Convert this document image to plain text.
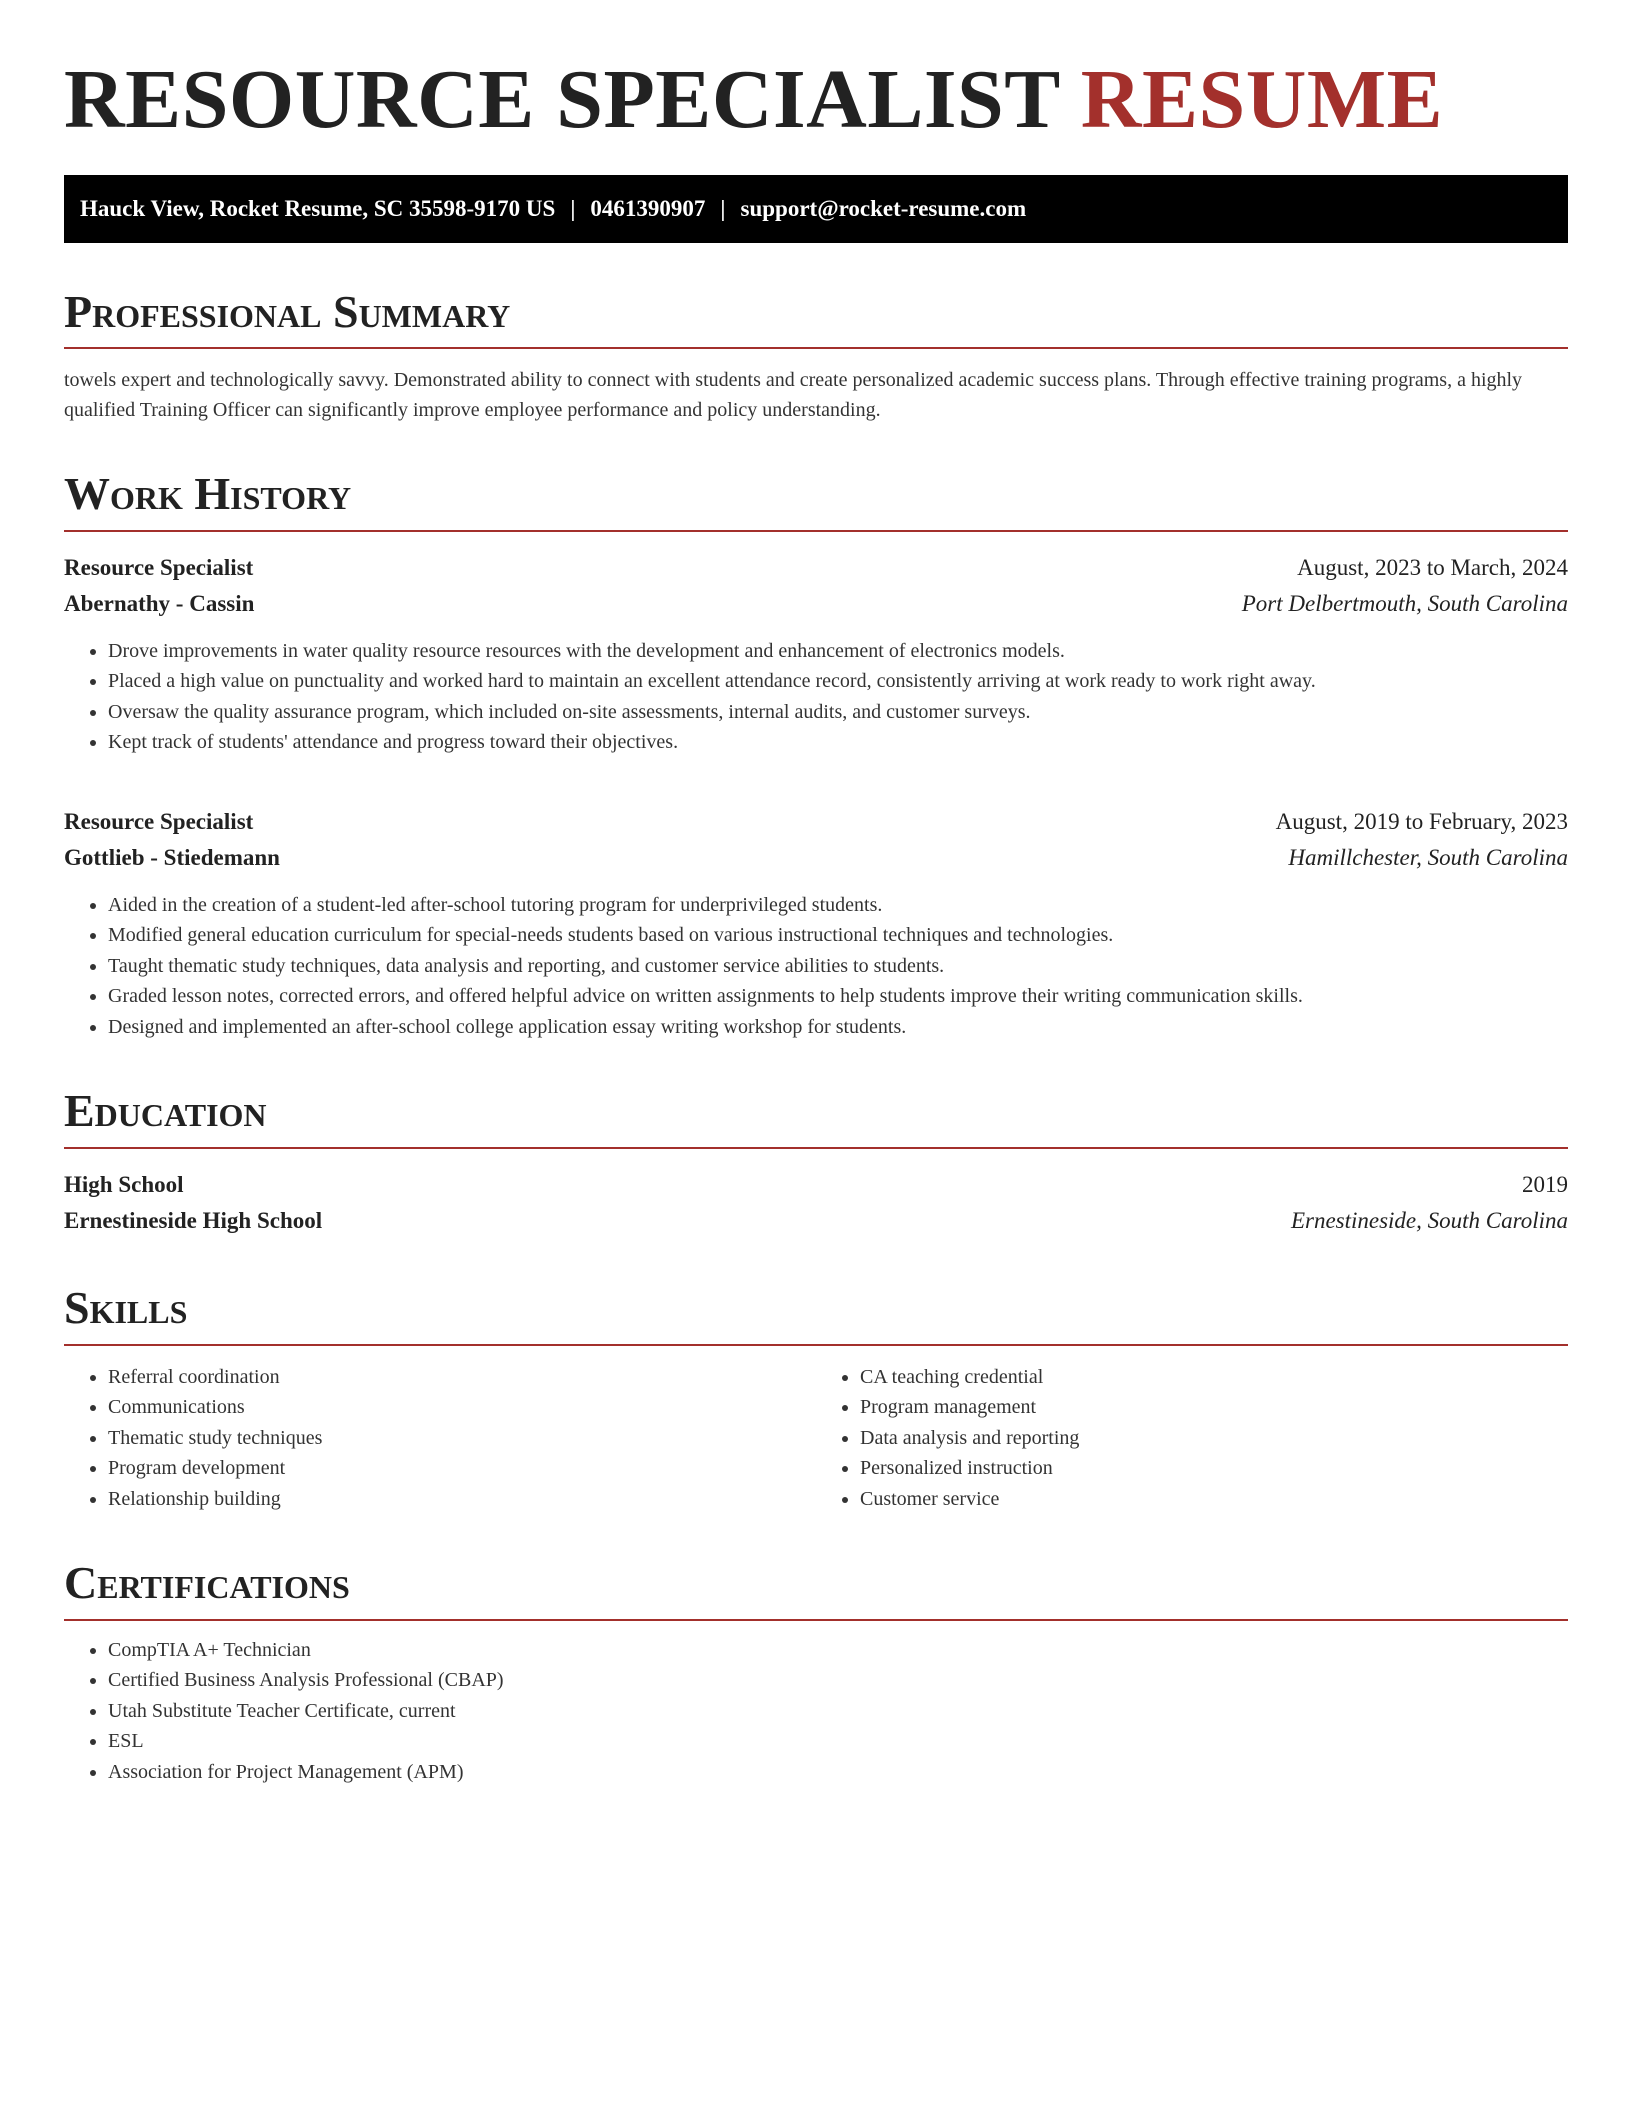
RESOURCE SPECIALIST RESUME
Hauck View, Rocket Resume, SC 35598-9170 US | 0461390907 | support@rocket-resume.com
Professional Summary

towels expert and technologically savvy. Demonstrated ability to connect with students and create personalized academic success plans. Through effective training programs, a highly qualified Training Officer can significantly improve employee performance and policy understanding.

Work History
Resource Specialist	August, 2023 to March, 2024
Abernathy - Cassin	Port Delbertmouth, South Carolina
• Drove improvements in water quality resource resources with the development and enhancement of electronics models.
• Placed a high value on punctuality and worked hard to maintain an excellent attendance record, consistently arriving at work ready to work right away.
• Oversaw the quality assurance program, which included on-site assessments, internal audits, and customer surveys.
• Kept track of students' attendance and progress toward their objectives.
Resource Specialist	August, 2019 to February, 2023
Gottlieb - Stiedemann	Hamillchester, South Carolina
• Aided in the creation of a student-led after-school tutoring program for underprivileged students.
• Modified general education curriculum for special-needs students based on various instructional techniques and technologies.
• Taught thematic study techniques, data analysis and reporting, and customer service abilities to students.
• Graded lesson notes, corrected errors, and offered helpful advice on written assignments to help students improve their writing communication skills.
• Designed and implemented an after-school college application essay writing workshop for students.
Education
High School	2019
Ernestineside High School	Ernestineside, South Carolina
Skills
• Referral coordination
• Communications
• Thematic study techniques
• Program development
• Relationship building
• CA teaching credential
• Program management
• Data analysis and reporting
• Personalized instruction
• Customer service
Certifications
• CompTIA A+ Technician
• Certified Business Analysis Professional (CBAP)
• Utah Substitute Teacher Certificate, current
• ESL
• Association for Project Management (APM)
